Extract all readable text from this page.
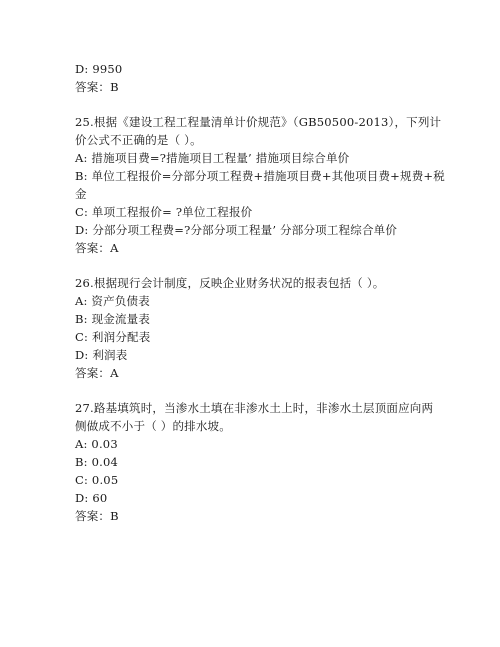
D: 9950
答案：B
25.根据《建设工程工程量清单计价规范》（GB50500-2013），下列计
价公式不正确的是（ ）。
A: 措施项目费=?措施项目工程量’ 措施项目综合单价
B: 单位工程报价=分部分项工程费+措施项目费+其他项目费+规费+税
金
C: 单项工程报价= ?单位工程报价
D: 分部分项工程费=?分部分项工程量’ 分部分项工程综合单价
答案：A
26.根据现行会计制度，反映企业财务状况的报表包括（ ）。
A: 资产负债表
B: 现金流量表
C: 利润分配表
D: 利润表
答案：A
27.路基填筑时，当渗水土填在非渗水土上时，非渗水土层顶面应向两
侧做成不小于（ ）的排水坡。
A: 0.03
B: 0.04
C: 0.05
D: 60
答案：B
